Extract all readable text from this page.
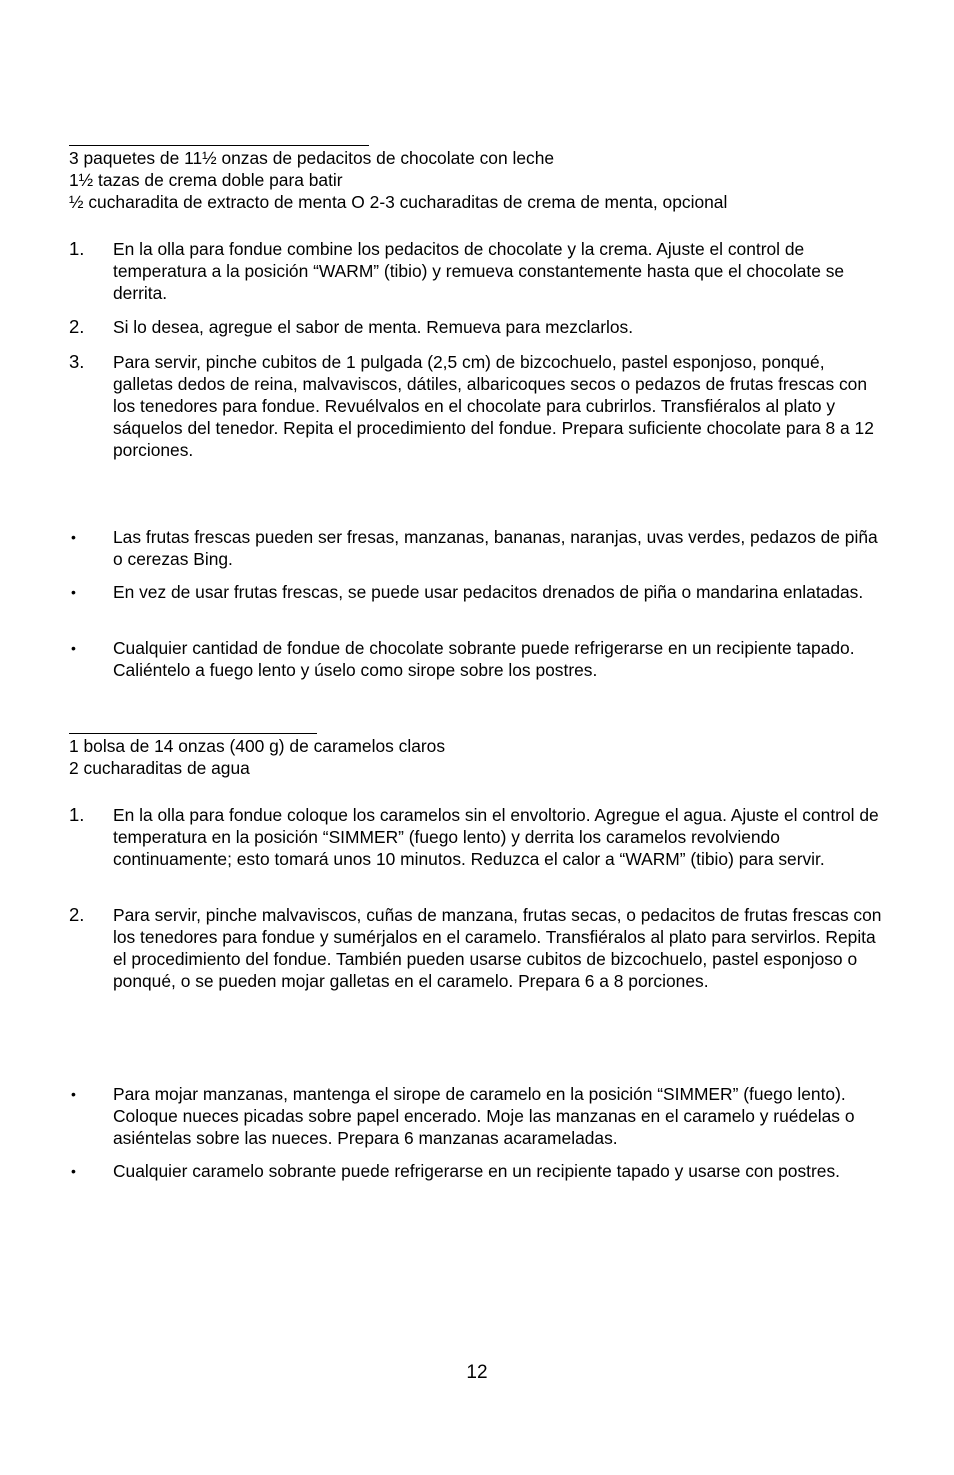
3 paquetes de 11½ onzas de pedacitos de chocolate con leche
1½ tazas de crema doble para batir
½ cucharadita de extracto de menta O 2-3 cucharaditas de crema de menta, opcional
1.	En la olla para fondue combine los pedacitos de chocolate y la crema. Ajuste el control de temperatura a la posición “WARM” (tibio) y remueva constantemente hasta que el chocolate se derrita.
2.	Si lo desea, agregue el sabor de menta. Remueva para mezclarlos.
3.	Para servir, pinche cubitos de 1 pulgada (2,5 cm) de bizcochuelo, pastel esponjoso, ponqué, galletas dedos de reina, malvaviscos, dátiles, albaricoques secos o pedazos de frutas frescas con los tenedores para fondue. Revuélvalos en el chocolate para cubrirlos. Transfiéralos al plato y sáquelos del tenedor. Repita el procedimiento del fondue. Prepara suficiente chocolate para 8 a 12 porciones.
•	Las frutas frescas pueden ser fresas, manzanas, bananas, naranjas, uvas verdes, pedazos de piña o cerezas Bing.
•	En vez de usar frutas frescas, se puede usar pedacitos drenados de piña o mandarina enlatadas.
•	Cualquier cantidad de fondue de chocolate sobrante puede refrigerarse en un recipiente tapado. Caliéntelo a fuego lento y úselo como sirope sobre los postres.
1 bolsa de 14 onzas (400 g) de caramelos claros
2 cucharaditas de agua
1.	En la olla para fondue coloque los caramelos sin el envoltorio. Agregue el agua. Ajuste el control de temperatura en la posición “SIMMER” (fuego lento) y derrita los caramelos revolviendo continuamente; esto tomará unos 10 minutos. Reduzca el calor a “WARM” (tibio) para servir.
2.	Para servir, pinche malvaviscos, cuñas de manzana, frutas secas, o pedacitos de frutas frescas con los tenedores para fondue y sumérjalos en el caramelo. Transfiéralos al plato para servirlos. Repita el procedimiento del fondue. También pueden usarse cubitos de bizcochuelo, pastel esponjoso o ponqué, o se pueden mojar galletas en el caramelo. Prepara 6 a 8 porciones.
•	Para mojar manzanas, mantenga el sirope de caramelo en la posición “SIMMER” (fuego lento). Coloque nueces picadas sobre papel encerado. Moje las manzanas en el caramelo y ruédelas o asiéntelas sobre las nueces. Prepara 6 manzanas acarameladas.
•	Cualquier caramelo sobrante puede refrigerarse en un recipiente tapado y usarse con postres.
12
